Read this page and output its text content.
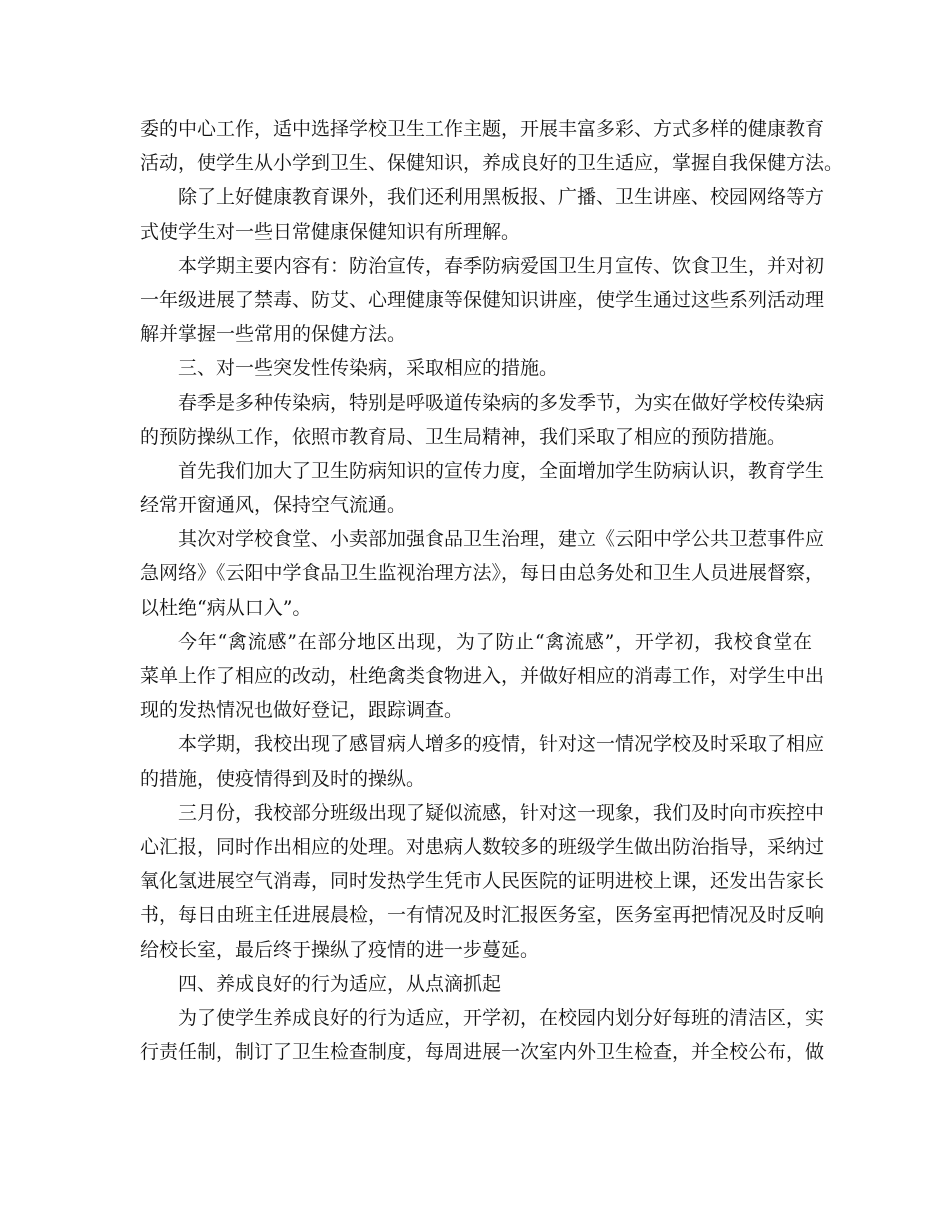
委的中心工作，适中选择学校卫生工作主题，开展丰富多彩、方式多样的健康教育
活动，使学生从小学到卫生、保健知识，养成良好的卫生适应，掌握自我保健方法。
除了上好健康教育课外，我们还利用黑板报、广播、卫生讲座、校园网络等方
式使学生对一些日常健康保健知识有所理解。
本学期主要内容有：防治宣传，春季防病爱国卫生月宣传、饮食卫生，并对初
一年级进展了禁毒、防艾、心理健康等保健知识讲座，使学生通过这些系列活动理
解并掌握一些常用的保健方法。
三、对一些突发性传染病，采取相应的措施。
春季是多种传染病，特别是呼吸道传染病的多发季节，为实在做好学校传染病
的预防操纵工作，依照市教育局、卫生局精神，我们采取了相应的预防措施。
首先我们加大了卫生防病知识的宣传力度，全面增加学生防病认识，教育学生
经常开窗通风，保持空气流通。
其次对学校食堂、小卖部加强食品卫生治理，建立《云阳中学公共卫惹事件应
急网络》《云阳中学食品卫生监视治理方法》，每日由总务处和卫生人员进展督察，
以杜绝“病从口入”。
今年“禽流感”在部分地区出现，为了防止“禽流感”，开学初，我校食堂在
菜单上作了相应的改动，杜绝禽类食物进入，并做好相应的消毒工作，对学生中出
现的发热情况也做好登记，跟踪调查。
本学期，我校出现了感冒病人增多的疫情，针对这一情况学校及时采取了相应
的措施，使疫情得到及时的操纵。
三月份，我校部分班级出现了疑似流感，针对这一现象，我们及时向市疾控中
心汇报，同时作出相应的处理。对患病人数较多的班级学生做出防治指导，采纳过
氧化氢进展空气消毒，同时发热学生凭市人民医院的证明进校上课，还发出告家长
书，每日由班主任进展晨检，一有情况及时汇报医务室，医务室再把情况及时反响
给校长室，最后终于操纵了疫情的进一步蔓延。
四、养成良好的行为适应，从点滴抓起
为了使学生养成良好的行为适应，开学初，在校园内划分好每班的清洁区，实
行责任制，制订了卫生检查制度，每周进展一次室内外卫生检查，并全校公布，做
